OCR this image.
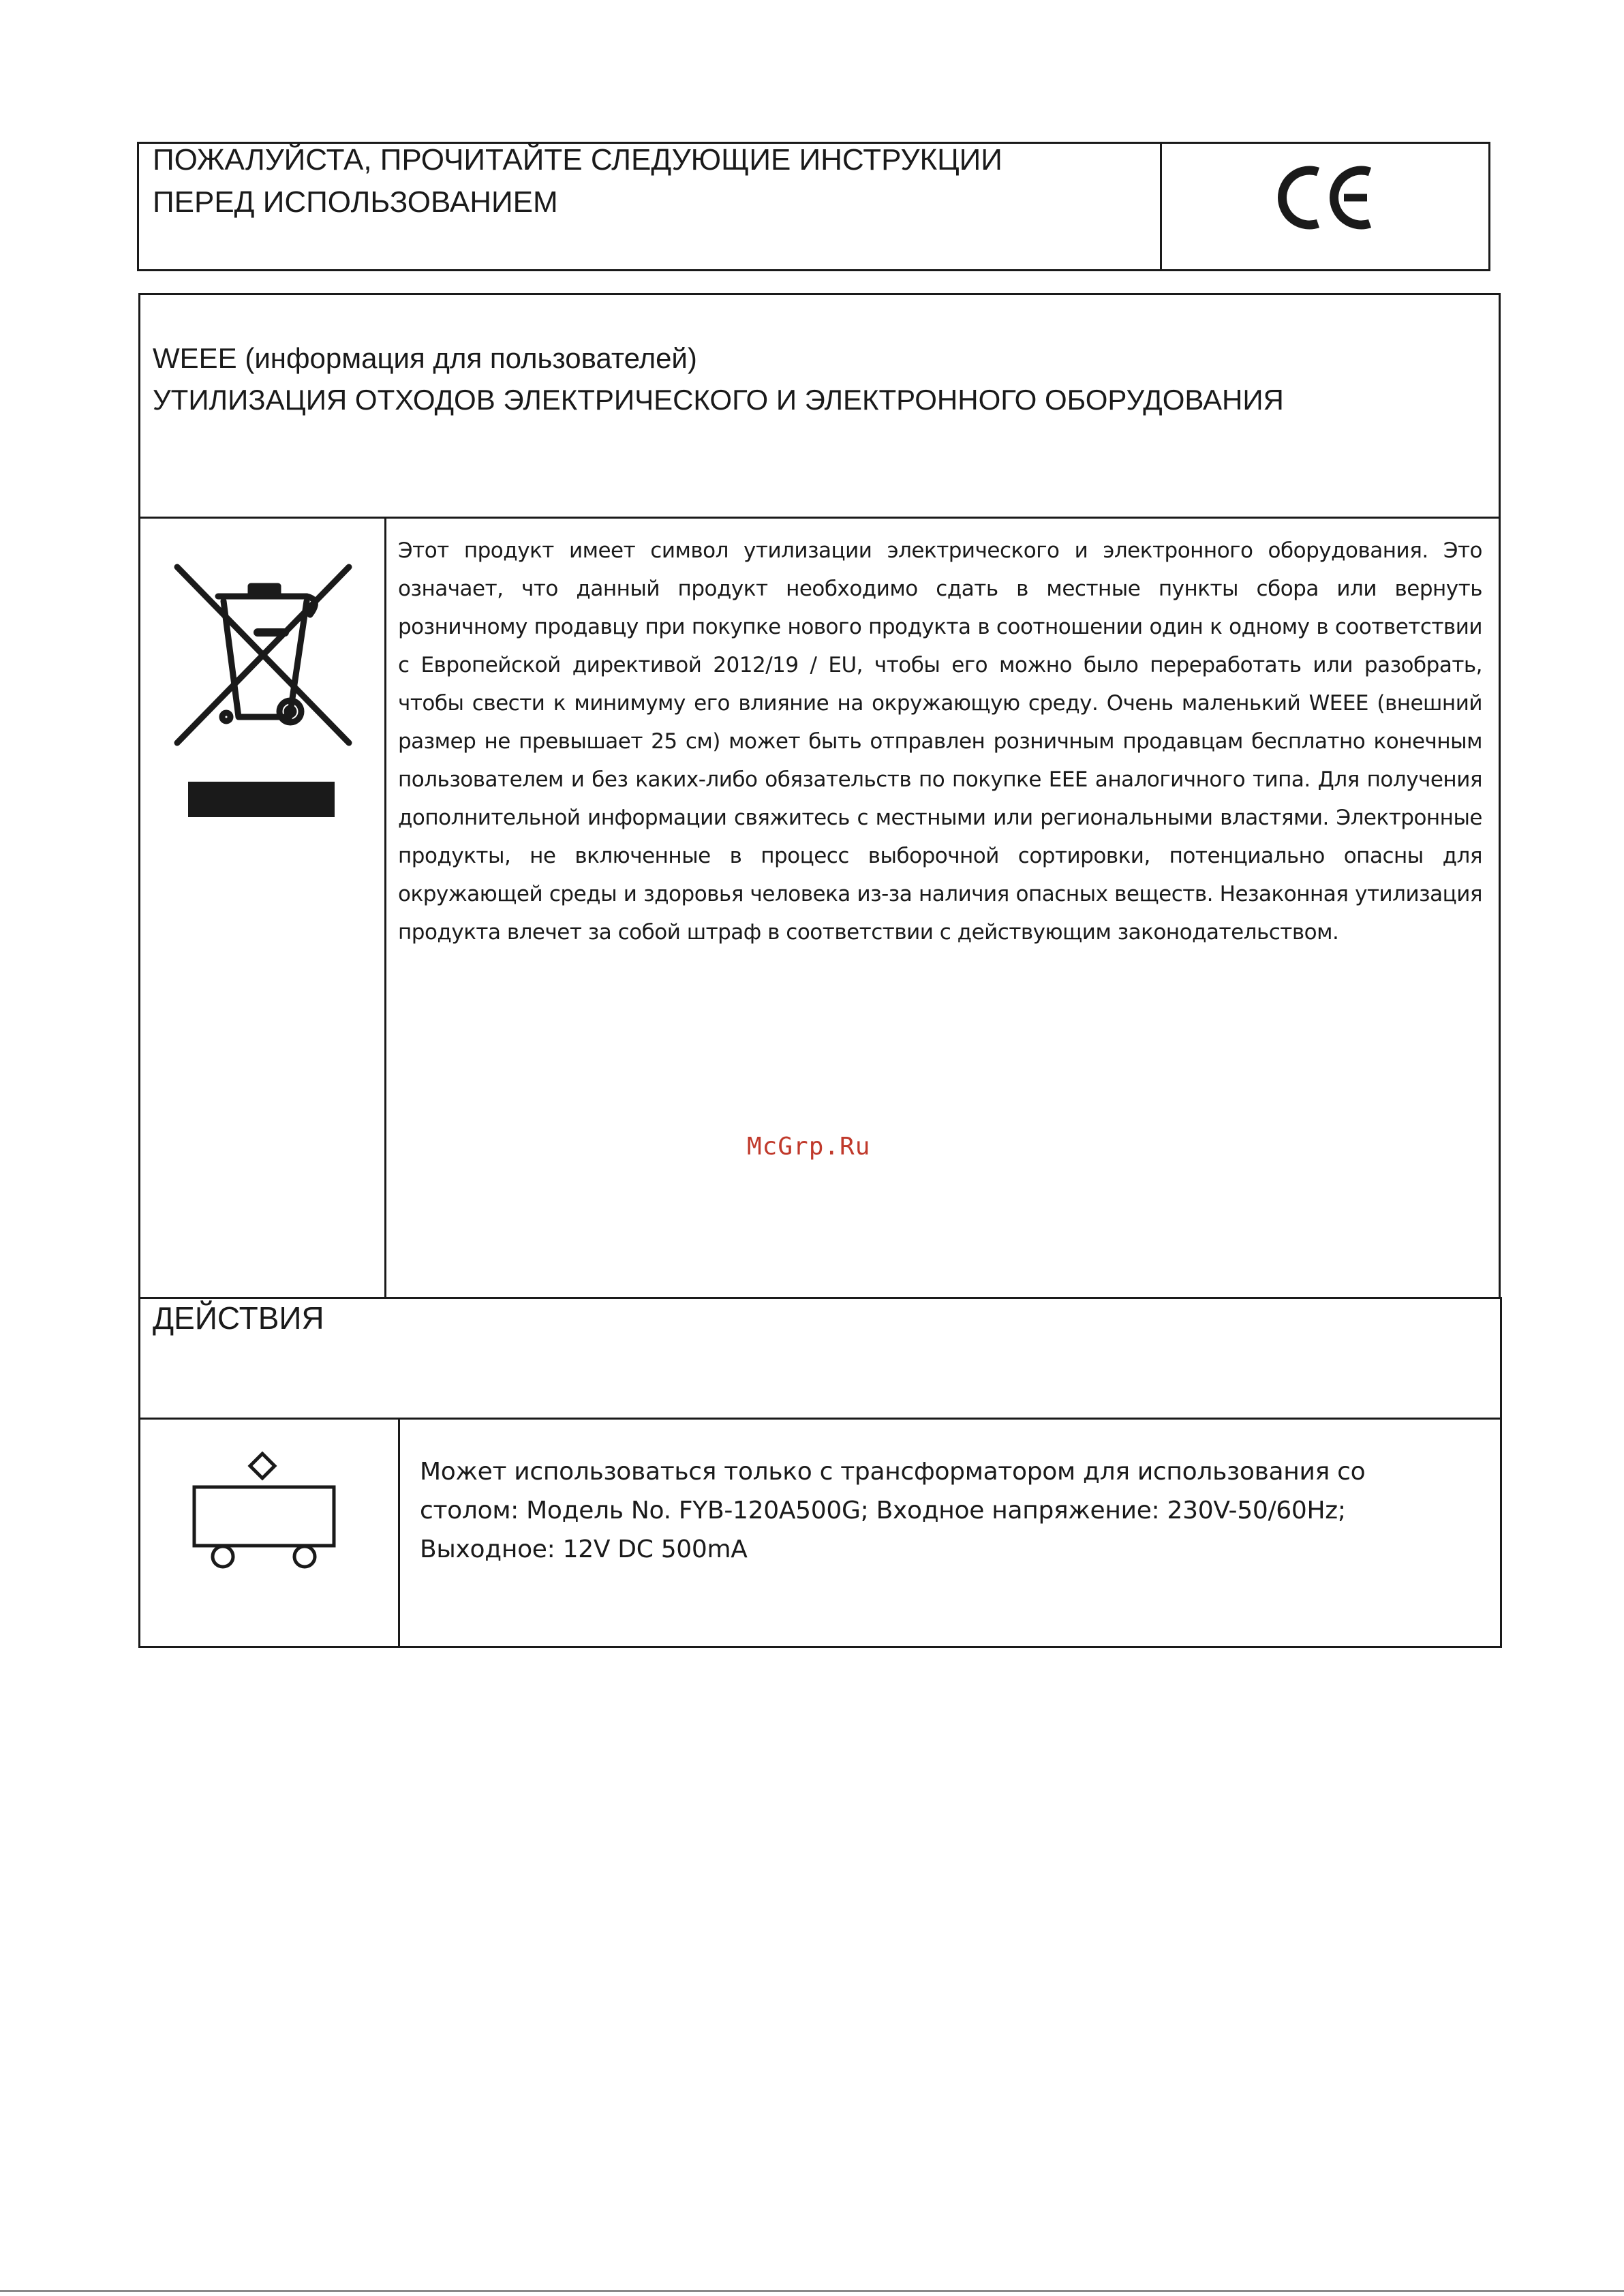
ПОЖАЛУЙСТА, ПРОЧИТАЙТЕ СЛЕДУЮЩИЕ ИНСТРУКЦИИ
ПЕРЕД ИСПОЛЬЗОВАНИЕМ
WEEE (информация для пользователей)
УТИЛИЗАЦИЯ ОТХОДОВ ЭЛЕКТРИЧЕСКОГО И ЭЛЕКТРОННОГО ОБОРУДОВАНИЯ
Этот продукт имеет символ утилизации электрического и электронного оборудования. Это означает, что данный продукт необходимо сдать в местные пункты сбора или вернуть розничному продавцу при покупке нового продукта в соотношении один к одному в соответствии с Европейской директивой 2012/19 / EU, чтобы его можно было переработать или разобрать, чтобы свести к минимуму его влияние на окружающую среду. Очень маленький WEEE (внешний размер не превышает 25 см) может быть отправлен розничным продавцам бесплатно конечным пользователем и без каких-либо обязательств по покупке EEE аналогичного типа. Для получения дополнительной информации свяжитесь с местными или региональными властями. Электронные продукты, не включенные в процесс выборочной сортировки, потенциально опасны для окружающей среды и здоровья человека из-за наличия опасных веществ. Незаконная утилизация продукта влечет за собой штраф в соответствии с действующим законодательством.
McGrp.Ru
ДЕЙСТВИЯ
Может использоваться только с трансформатором для использования со
столом: Модель No. FYB-120A500G; Входное напряжение: 230V-50/60Hz;
Выходное: 12V DC 500mA
